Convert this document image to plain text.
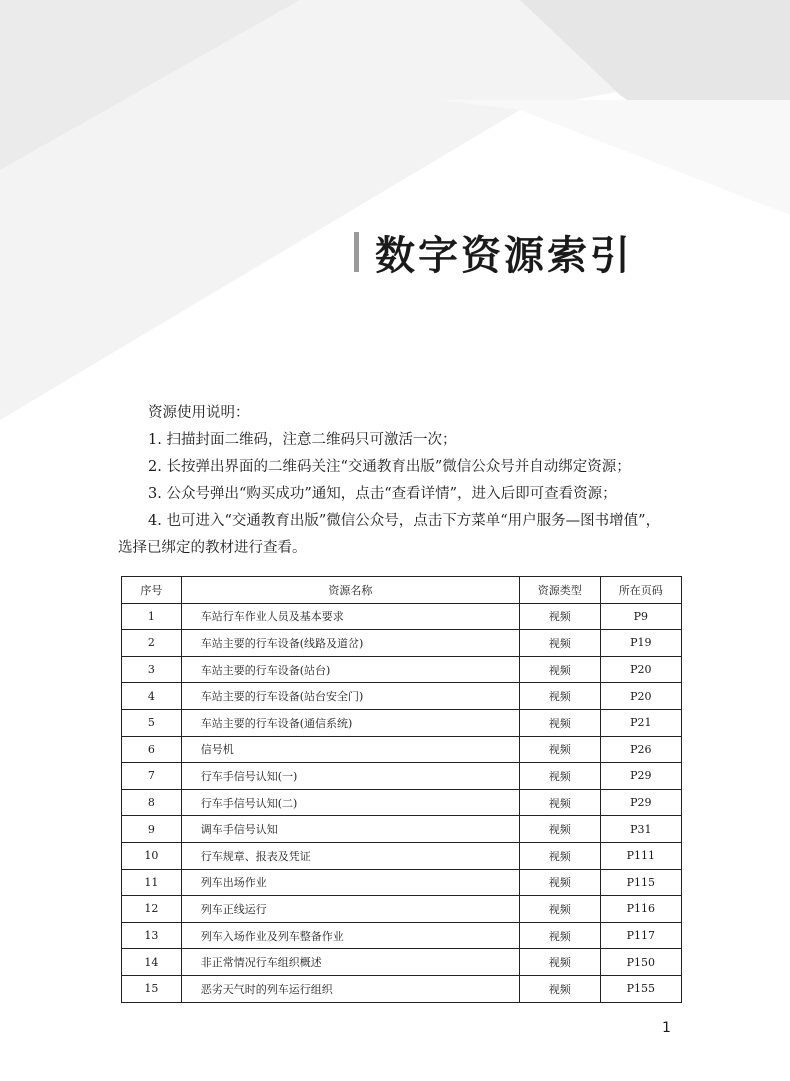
数字资源索引
资源使用说明：
1. 扫描封面二维码，注意二维码只可激活一次；
2. 长按弹出界面的二维码关注“交通教育出版”微信公众号并自动绑定资源；
3. 公众号弹出“购买成功”通知，点击“查看详情”，进入后即可查看资源；
4. 也可进入“交通教育出版”微信公众号，点击下方菜单“用户服务—图书增值”，
选择已绑定的教材进行查看。
序号	资源名称	资源类型	所在页码
1	车站行车作业人员及基本要求	视频	P9
2	车站主要的行车设备(线路及道岔)	视频	P19
3	车站主要的行车设备(站台)	视频	P20
4	车站主要的行车设备(站台安全门)	视频	P20
5	车站主要的行车设备(通信系统)	视频	P21
6	信号机	视频	P26
7	行车手信号认知(一)	视频	P29
8	行车手信号认知(二)	视频	P29
9	调车手信号认知	视频	P31
10	行车规章、报表及凭证	视频	P111
11	列车出场作业	视频	P115
12	列车正线运行	视频	P116
13	列车入场作业及列车整备作业	视频	P117
14	非正常情况行车组织概述	视频	P150
15	恶劣天气时的列车运行组织	视频	P155
1
